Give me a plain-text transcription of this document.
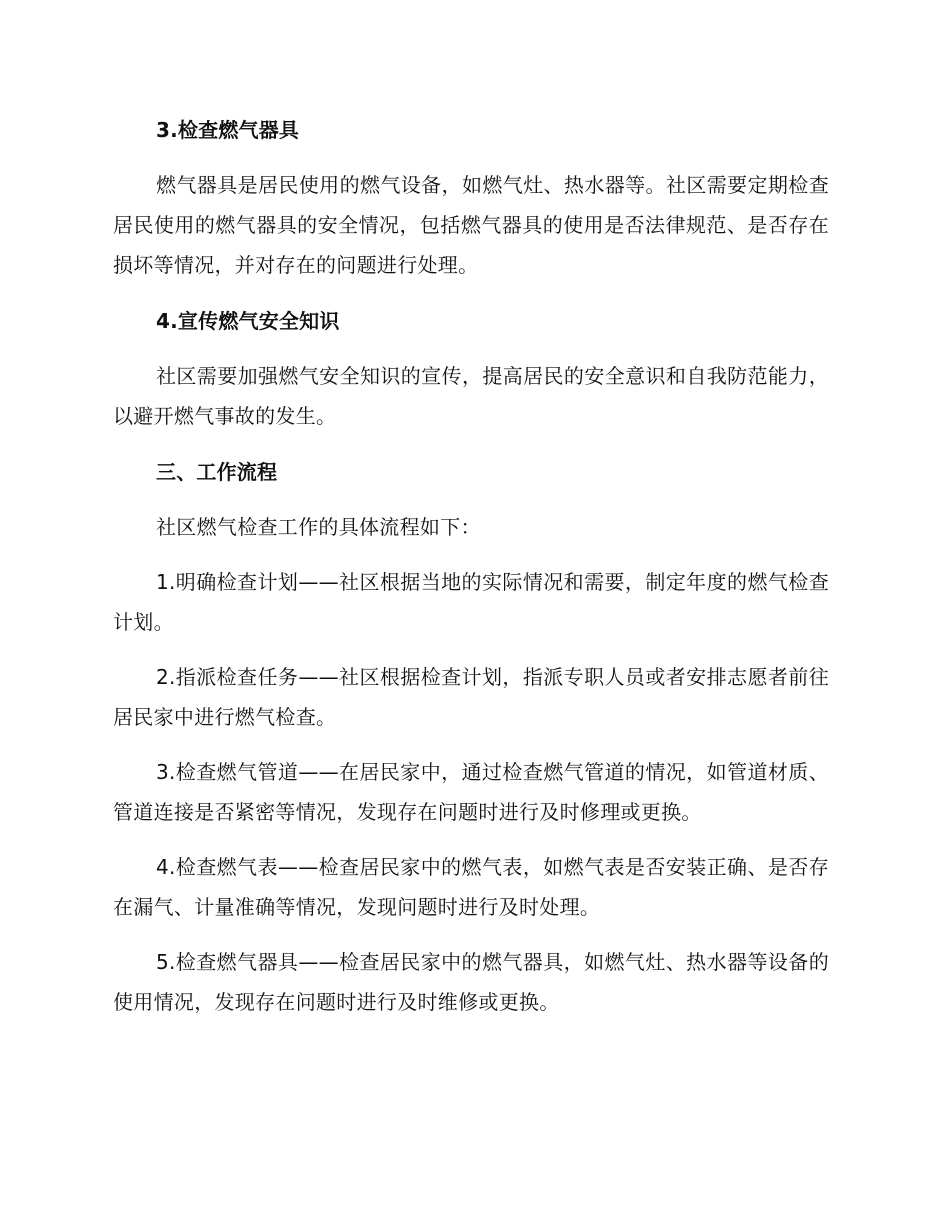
3.检查燃气器具

燃气器具是居民使用的燃气设备，如燃气灶、热水器等。社区需要定期检查居民使用的燃气器具的安全情况，包括燃气器具的使用是否法律规范、是否存在损坏等情况，并对存在的问题进行处理。

4.宣传燃气安全知识

社区需要加强燃气安全知识的宣传，提高居民的安全意识和自我防范能力，以避开燃气事故的发生。

三、工作流程

社区燃气检查工作的具体流程如下：

1.明确检查计划——社区根据当地的实际情况和需要，制定年度的燃气检查计划。

2.指派检查任务——社区根据检查计划，指派专职人员或者安排志愿者前往居民家中进行燃气检查。

3.检查燃气管道——在居民家中，通过检查燃气管道的情况，如管道材质、管道连接是否紧密等情况，发现存在问题时进行及时修理或更换。

4.检查燃气表——检查居民家中的燃气表，如燃气表是否安装正确、是否存在漏气、计量准确等情况，发现问题时进行及时处理。

5.检查燃气器具——检查居民家中的燃气器具，如燃气灶、热水器等设备的使用情况，发现存在问题时进行及时维修或更换。
